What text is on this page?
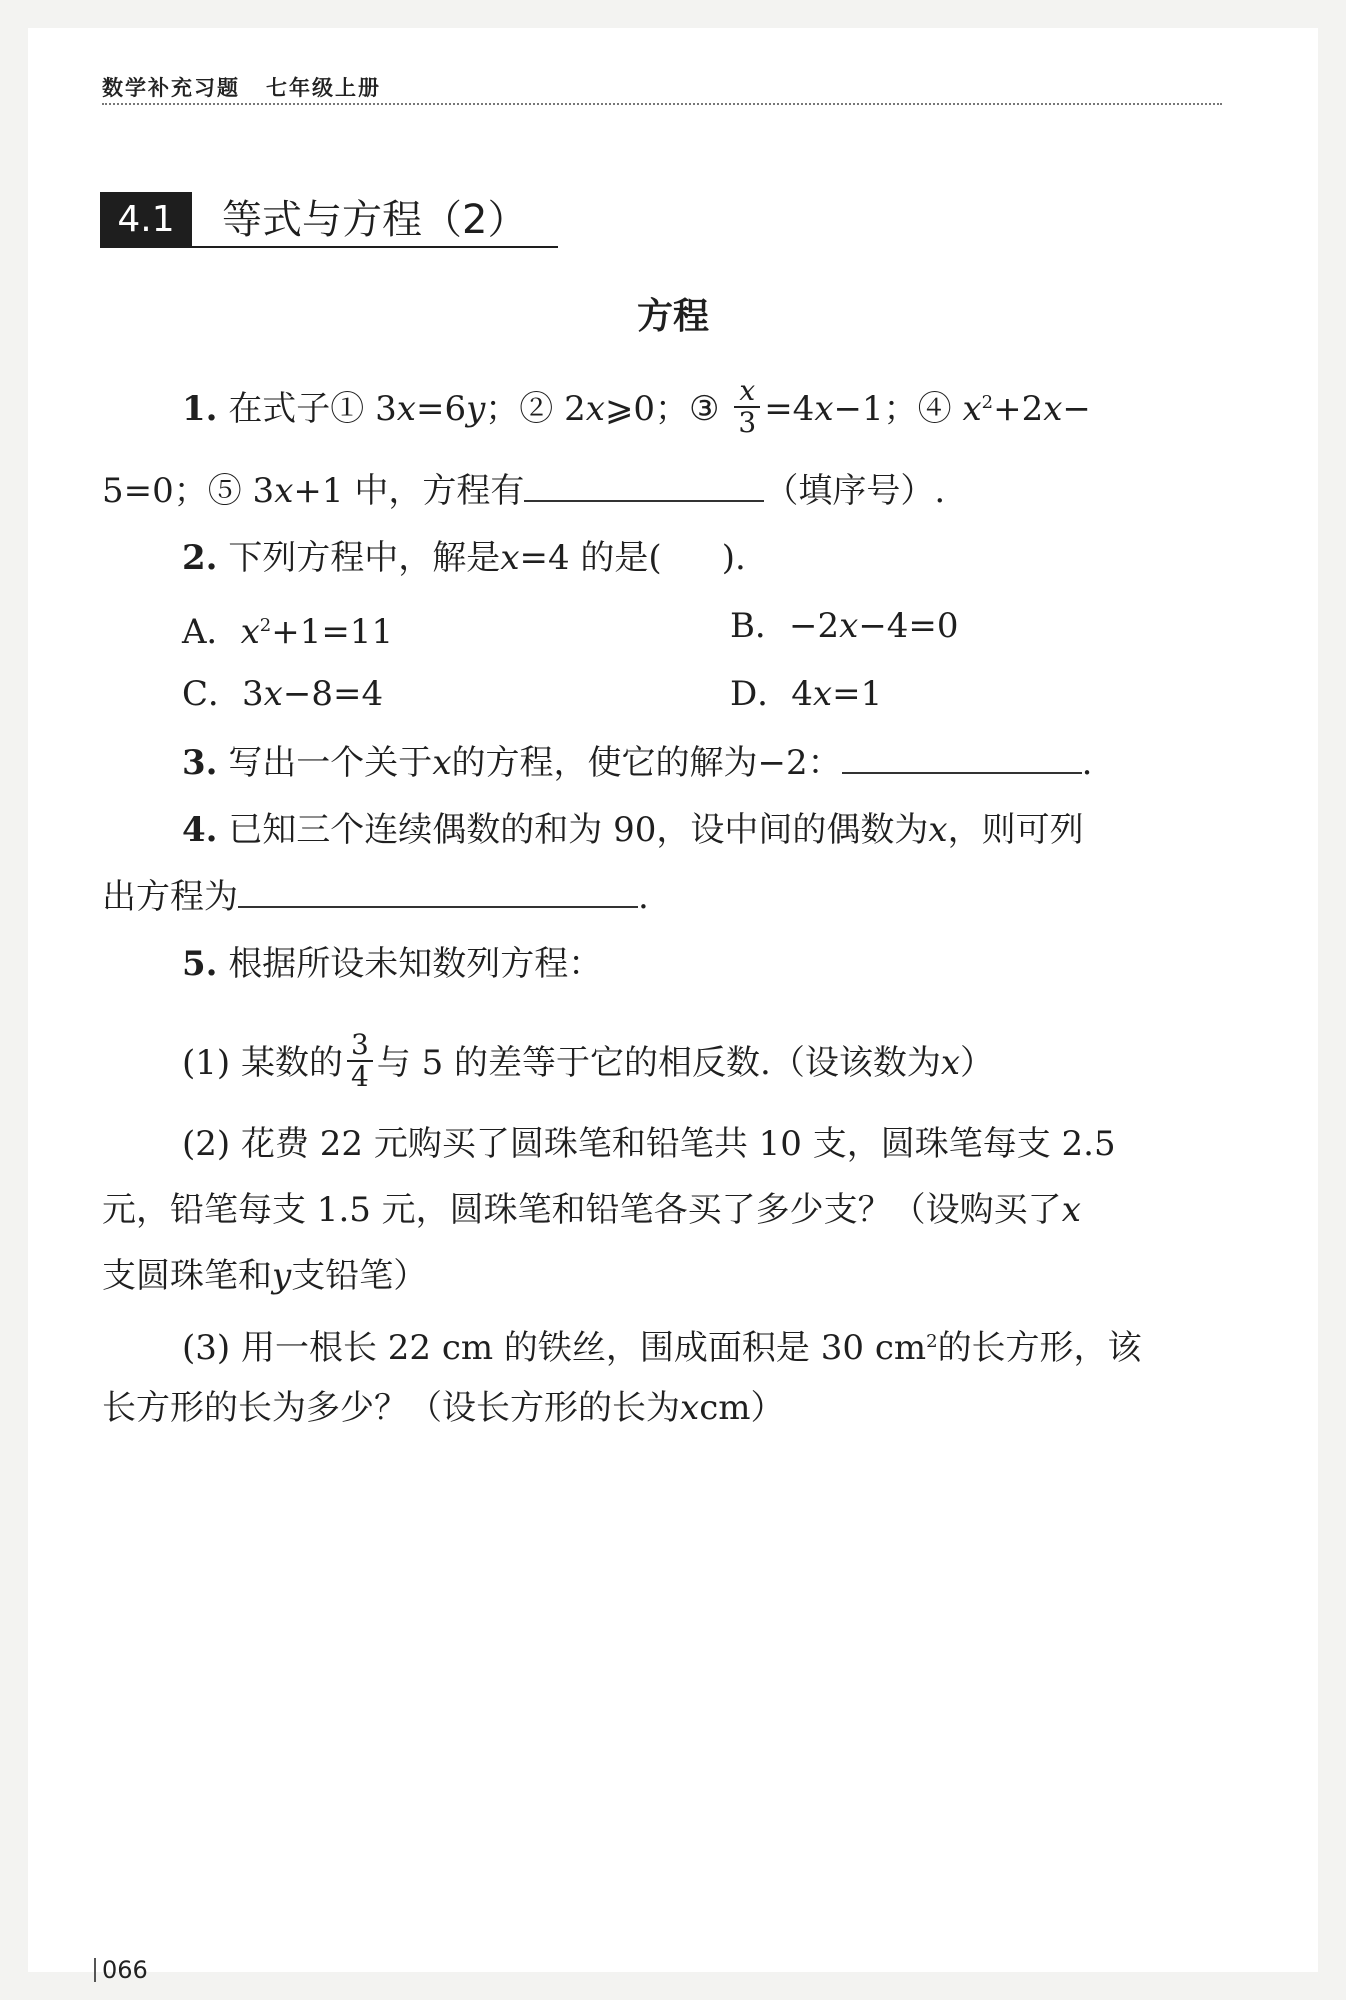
数学补充习题 七年级上册
4.1	等式与方程（2）
方程
1. 在式子① 3x=6y；② 2x⩾0；③ $\frac{x}{3} =4x-1$；④ $x^2+2x-$
5=0；⑤ 3x+1 中，方程有	（填序号）.
2. 下列方程中，解是x=4 的是( ).
A．$x^2+1=11$	B．−2x−4=0
C．3x−8=4	D．4x=1
3. 写出一个关于x的方程，使它的解为−2：	.
4. 已知三个连续偶数的和为 90，设中间的偶数为x，则可列
出方程为	.
5. 根据所设未知数列方程：
(1) 某数的 $\frac{3}{4}$ 与 5 的差等于它的相反数.（设该数为x）
(2) 花费 22 元购买了圆珠笔和铅笔共 10 支，圆珠笔每支 2.5
元，铅笔每支 1.5 元，圆珠笔和铅笔各买了多少支？（设购买了x
支圆珠笔和y支铅笔）
(3) 用一根长 22 cm 的铁丝，围成面积是 30 $cm^2$的长方形，该
长方形的长为多少？（设长方形的长为xcm）
066
